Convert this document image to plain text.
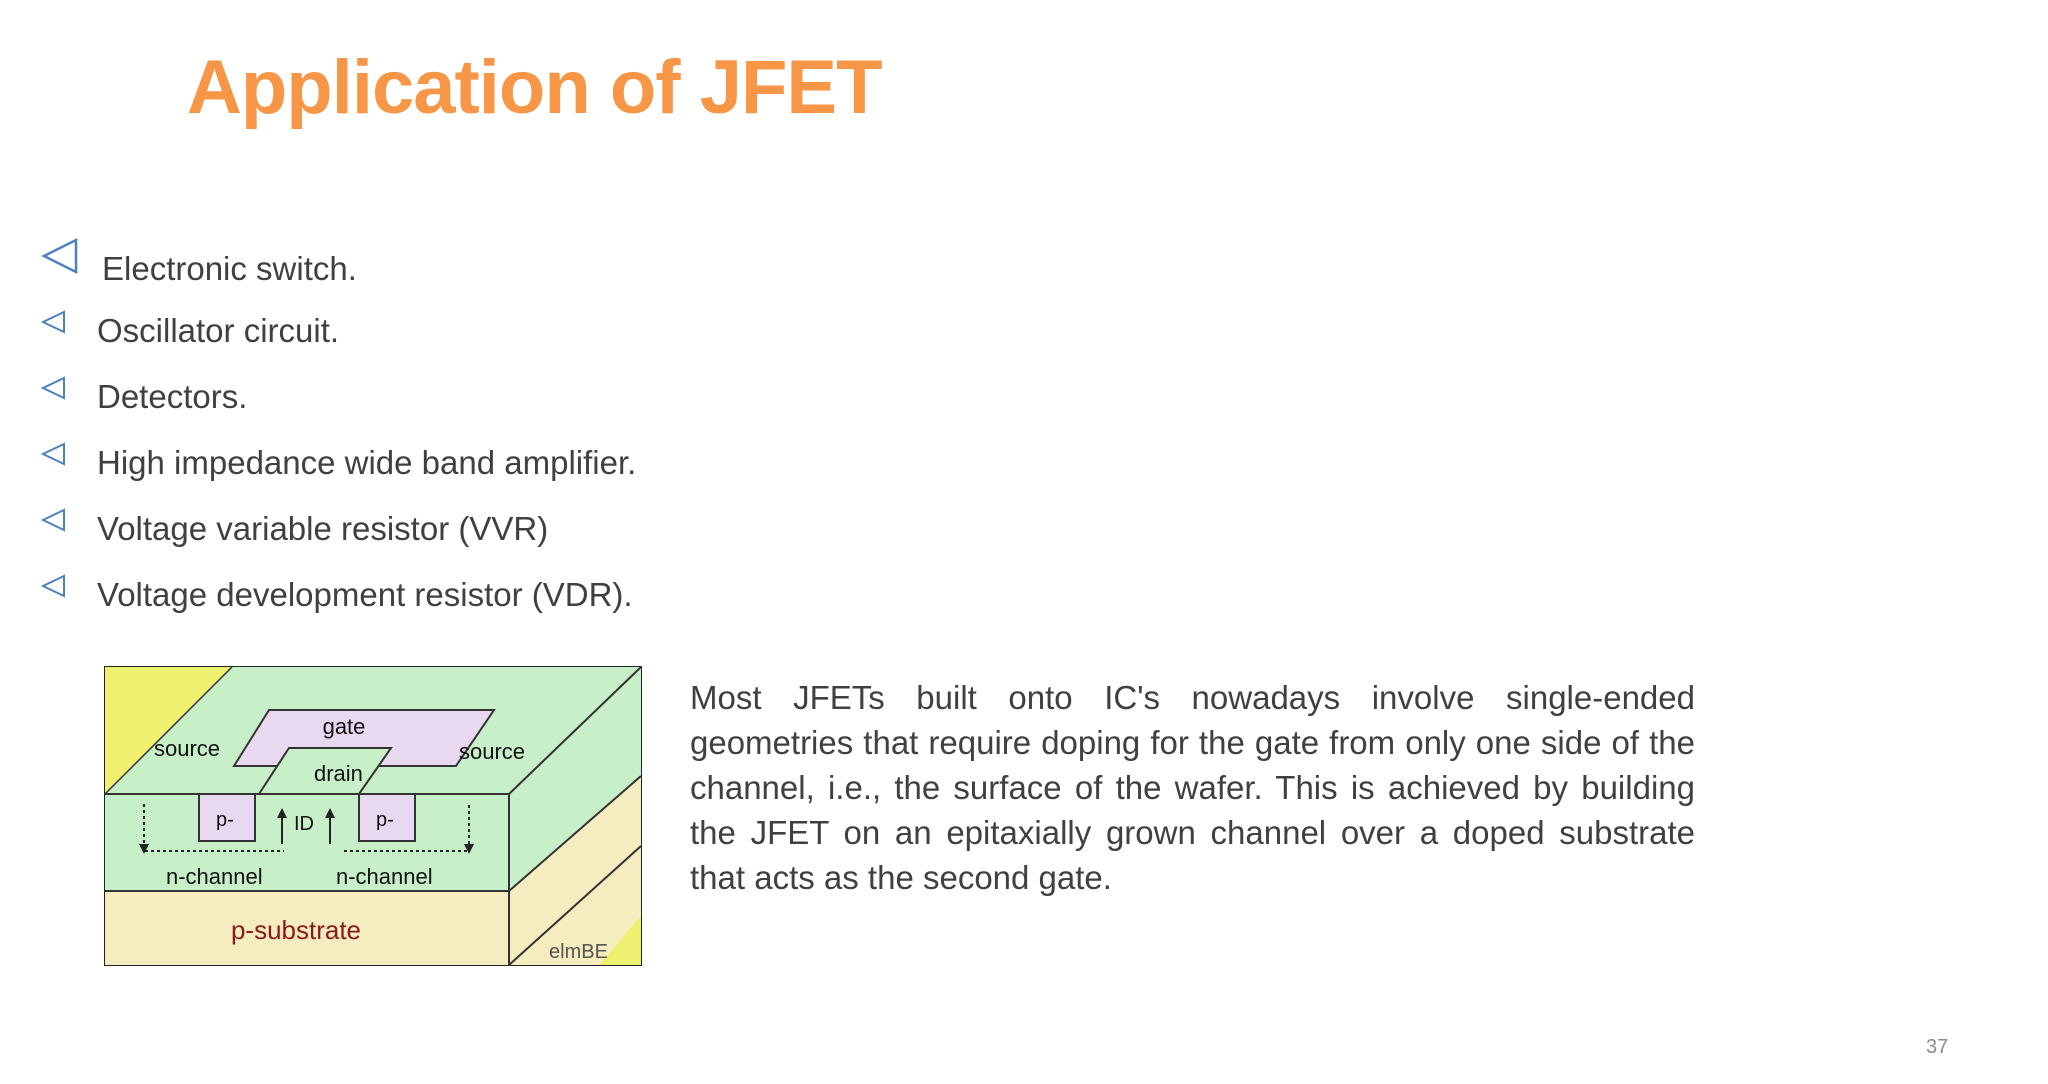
Application of JFET
Electronic switch.
Oscillator circuit.
Detectors.
High impedance wide band amplifier.
Voltage variable resistor (VVR)
Voltage development resistor (VDR).
gate
drain
source	source
p-	p-
ID
n-channel	n-channel
p-substrate
elmBE
Most JFETs built onto IC's nowadays involve single-ended geometries that require doping for the gate from only one side of the channel, i.e., the surface of the wafer. This is achieved by building the JFET on an epitaxially grown channel over a doped substrate that acts as the second gate.
37
